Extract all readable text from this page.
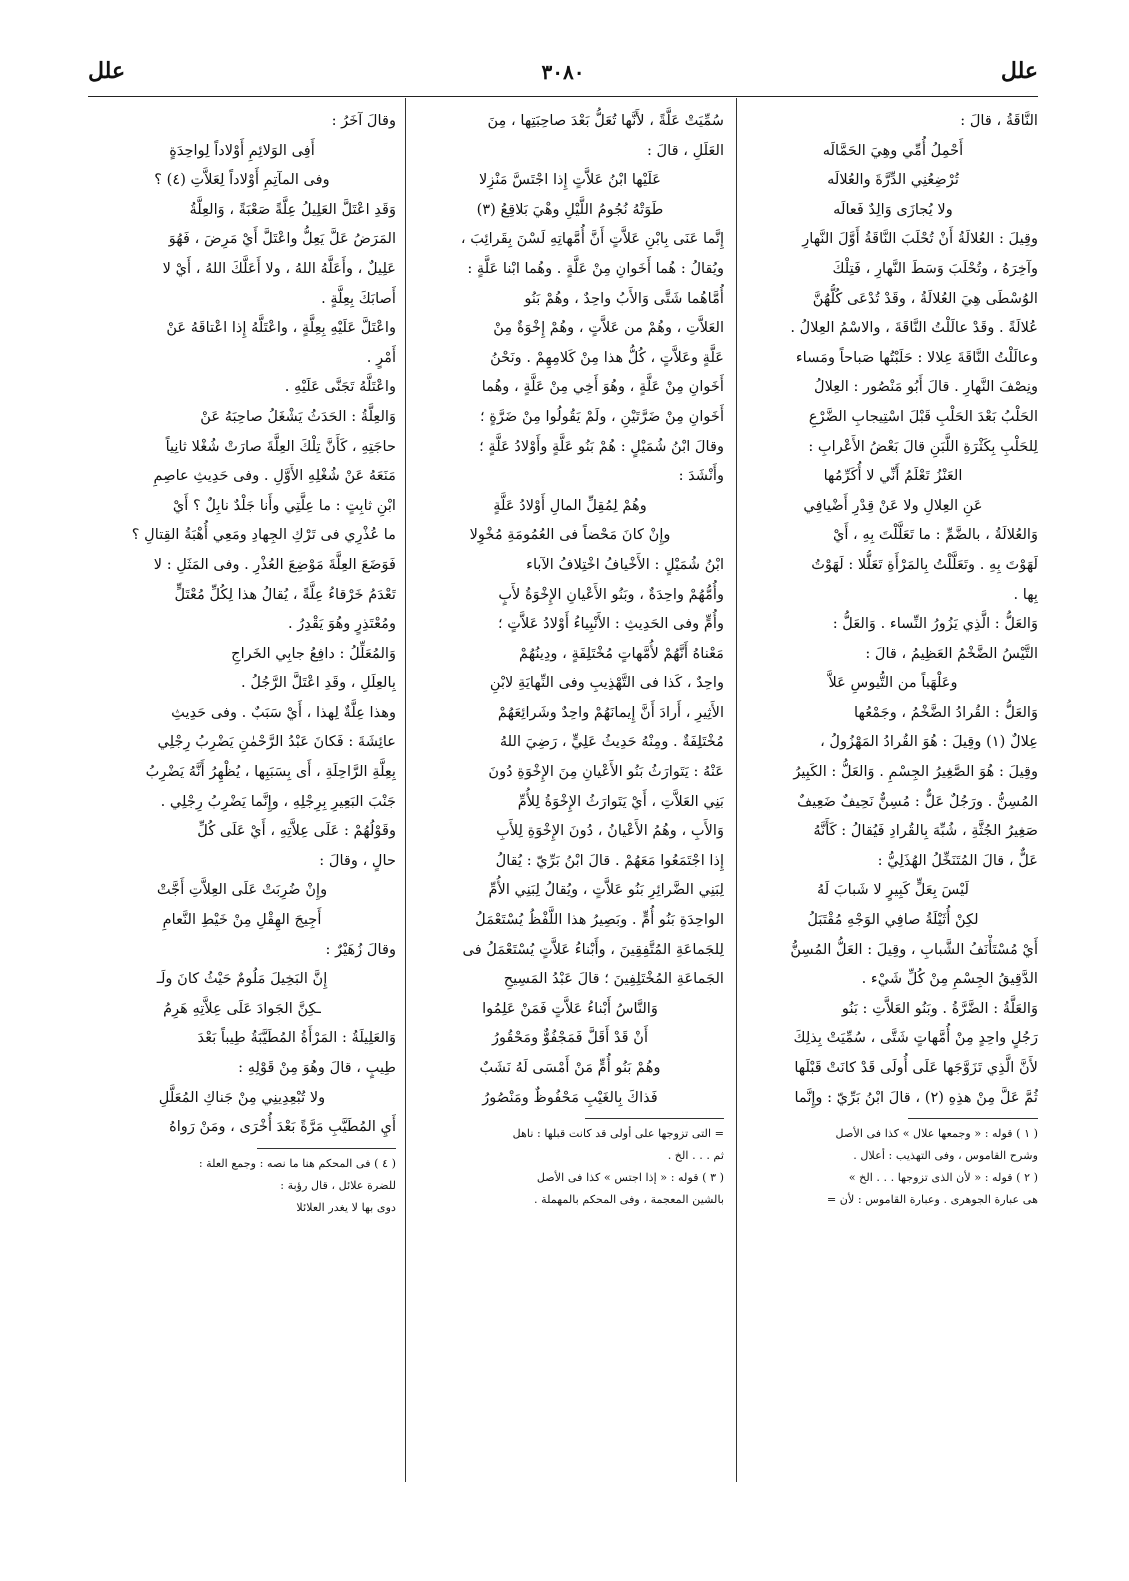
علل
٣٠٨٠
علل
النَّاقَةُ ، قالَ :
أَحْمِلُ أُمِّي وهِيَ الحَمَّالَه
تُرْضِعُنِي الدِّرَّةَ والعُلالَه
ولا يُجازَى وَالِدٌ فَعالَه
وقِيلَ : العُلالَةُ أَنْ تُحْلَبَ النَّاقَةُ أَوَّلَ النَّهارِ
وآخِرَهُ ، وتُحْلَبَ وَسَطَ النَّهارِ ، فَتِلْكَ
الوُسْطَى هِيَ العُلالَةُ ، وقَدْ تُدْعَى كُلُّهُنَّ
عُلالَةً . وقَدْ عالَلْتُ النَّاقَةَ ، والاسْمُ العِلالُ .
وعالَلْتُ النَّاقَةَ عِلالا : حَلَبْتُها صَباحاً ومَساء
ونِصْفَ النَّهارِ . قالَ أَبُو مَنْصُور : العِلالُ
الحَلْبُ بَعْدَ الحَلْبِ قَبْلَ اسْتِيجابِ الضَّرْعِ
لِلحَلْبِ بِكَثْرَةِ اللَّبَنِ قالَ بَعْضُ الأَعْرابِ :
العَنْزُ تَعْلَمُ أَنِّي لا أُكَرِّمُها
عَنِ العِلالِ ولا عَنْ قِدْرِ أَضْيافِي
وَالعُلالَةُ ، بالضَّمِّ : ما تَعَلَّلْتَ بِهِ ، أَيْ
لَهَوْتَ بِهِ . وتَعَلَّلْتُ بِالمَرْأَةِ تَعَلُّلا : لَهَوْتُ
بِها .
وَالعَلُّ : الَّذِي يَزُورُ النِّساء . وَالعَلُّ :
التَّيْسُ الضَّخْمُ العَظِيمُ ، قالَ :
وعَلْهَباً من التُّيوسِ عَلاَّ
وَالعَلُّ : القُرادُ الضَّخْمُ ، وجَمْعُها
عِلالٌ (١) وقِيلَ : هُوَ القُرادُ المَهْزُولُ ،
وقِيلَ : هُوَ الصَّغِيرُ الجِسْمِ . وَالعَلُّ : الكَبِيرُ
المُسِنُّ . ورَجُلٌ عَلٌّ : مُسِنٌّ نَحِيفٌ ضَعِيفٌ
صَغِيرُ الجُثَّةِ ، شُبِّهَ بِالقُرادِ فَيُقالُ : كَأَنَّهُ
عَلٌّ ، قالَ المُتَنَخِّلُ الهُذَلِيُّ :
لَيْسَ بِعَلٍّ كَبِيرٍ لا شَبابَ لَهُ
لكِنْ أُثَيْلَةُ صافِي الوَجْهِ مُقْتَبَلُ
أَيْ مُسْتَأْنَفُ الشَّبابِ ، وقِيلَ : العَلُّ المُسِنُّ
الدَّقِيقُ الجِسْمِ مِنْ كُلِّ شَيْء .
وَالعَلَّةُ : الضَّرَّةُ . وبَنُو العَلاَّتِ : بَنُو
رَجُلٍ واحِدٍ مِنْ أُمَّهاتٍ شَتَّى ، سُمِّيَتْ بِذلِكَ
لأَنَّ الَّذِي تَزَوَّجَها عَلَى أُولَى قَدْ كانَتْ قَبْلَها
ثُمَّ عَلَّ مِنْ هذِهِ (٢) ، قالَ ابْنُ بَرِّيّ : وإِنَّما
( ١ ) قوله : « وجمعها علال » كذا فى الأصل
وشرح القاموس ، وفى التهذيب : أعلال .
( ٢ ) قوله : « لأن الذى تزوجها . . . الخ »
هى عبارة الجوهرى . وعبارة القاموس : لأن =
سُمِّيَتْ عَلَّةً ، لأَنَّها تُعَلُّ بَعْدَ صاحِبَتِها ، مِنَ
العَلَلِ ، قالَ :
عَلَيْها ابْنُ عَلاَّتٍ إِذا اجْتَسَّ مَنْزِلا
طَوَتْهُ نُجُومُ اللَّيْلِ وهْيَ بَلاقِعُ (٣)
إِنَّما عَنَى بِابْنِ عَلاَّتٍ أَنَّ أُمَّهاتِهِ لَسْنَ بِقَرائِبَ ،
ويُقالُ : هُما أَخَوانِ مِنْ عَلَّةٍ . وهُما ابْنا عَلَّةٍ :
أُمَّاهُما شَتَّى وَالأَبُ واحِدٌ ، وهُمْ بَنُو
العَلاَّتِ ، وهُمْ من عَلاَّتٍ ، وهُمْ إِخْوَةٌ مِنْ
عَلَّةٍ وعَلاَّتٍ ، كُلُّ هذا مِنْ كَلامِهِمْ . ونَحْنُ
أَخَوانِ مِنْ عَلَّةٍ ، وهُوَ أَخِي مِنْ عَلَّةٍ ، وهُما
أَخَوانِ مِنْ ضَرَّتَيْنِ ، ولَمْ يَقُولُوا مِنْ ضَرَّةٍ ؛
وقالَ ابْنُ شُمَيْلٍ : هُمْ بَنُو عَلَّةٍ وأَوْلادُ عَلَّةٍ ؛
وأَنْشَدَ :
وهُمْ لِمُقِلِّ المالِ أَوْلادُ عَلَّةٍ
وإِنْ كانَ مَحْضاً فى العُمُومَةِ مُخْوِلا
ابْنُ شُمَيْلٍ : الأَخْيافُ اخْتِلافُ الآباء
وأُمُّهُمْ واحِدَةٌ ، وبَنُو الأَعْيانِ الإِخْوَةُ لأَبٍ
وأُمٍّ وفى الحَدِيثِ : الأَنْبِياءُ أَوْلادُ عَلاَّتٍ ؛
مَعْناهُ أَنَّهُمْ لأُمَّهاتٍ مُخْتَلِفَةٍ ، ودِينُهُمْ
واحِدٌ ، كَذا فى التَّهْذِيبِ وفى النِّهايَةِ لابْنِ
الأَثِيرِ ، أَرادَ أَنَّ إِيمانَهُمْ واحِدٌ وشَرائِعَهُمْ
مُخْتَلِفَةٌ . ومِنْهُ حَدِيثُ عَلِيٍّ ، رَضِيَ اللهُ
عَنْهُ : يَتَوارَثُ بَنُو الأَعْيانِ مِنَ الإِخْوَةِ دُونَ
بَنِي العَلاَّتِ ، أَيْ يَتَوارَثُ الإِخْوَةُ لِلأُمِّ
وَالأَبِ ، وهُمُ الأَعْيانُ ، دُونَ الإِخْوَةِ لِلأَبِ
إِذا اجْتَمَعُوا مَعَهُمْ . قالَ ابْنُ بَرِّيّ : يُقالُ
لِبَنِي الضَّرائِرِ بَنُو عَلاَّتٍ ، ويُقالُ لِبَنِي الأُمِّ
الواحِدَةِ بَنُو أُمٍّ . وبَصِيرُ هذا اللَّفْظُ يُسْتَعْمَلُ
لِلجَماعَةِ المُتَّفِقِينَ ، وأَبْناءُ عَلاَّتٍ يُسْتَعْمَلُ فى
الجَماعَةِ المُخْتَلِفِينَ ؛ قالَ عَبْدُ المَسِيحِ
وَالنَّاسُ أَبْناءُ عَلاَّتٍ فَمَنْ عَلِمُوا
أَنْ قَدْ أَقَلَّ فَمَجْفُوٌّ ومَحْقُورُ
وهُمْ بَنُو أُمٍّ مَنْ أَمْسَى لَهُ نَشَبٌ
فَذاكَ بِالغَيْبِ مَحْفُوظٌ ومَنْصُورُ
= التى تزوجها على أولى قد كانت قبلها : ناهل
ثم . . . الخ .
( ٣ ) قوله : « إذا اجتس » كذا فى الأصل
بالشين المعجمة ، وفى المحكم بالمهملة .
وقالَ آخَرُ :
أَفِى الوَلائِمِ أَوْلاداً لِواحِدَةٍ
وفى المآتِمِ أَوْلاداً لِعَلاَّتِ (٤) ؟
وَقَدِ اعْتَلَّ العَلِيلُ عِلَّةً صَعْبَةً ، وَالعِلَّةُ
المَرَضُ عَلَّ يَعِلُّ واعْتَلَّ أَيْ مَرِضَ ، فَهُوَ
عَلِيلٌ ، وأَعَلَّهُ اللهُ ، ولا أَعَلَّكَ اللهُ ، أَيْ لا
أَصابَكَ بِعِلَّةٍ .
واعْتَلَّ عَلَيْهِ بِعِلَّةٍ ، واعْتَلَّهُ إِذا اعْتاقَهُ عَنْ
أَمْرٍ .
واعْتَلَّهُ تَجَنَّى عَلَيْهِ .
وَالعِلَّةُ : الحَدَثُ يَشْغَلُ صاحِبَهُ عَنْ
حاجَتِهِ ، كَأَنَّ تِلْكَ العِلَّةَ صارَتْ شُغْلا ثانِياً
مَنَعَهُ عَنْ شُغْلِهِ الأَوَّلِ . وفى حَدِيثِ عاصِمِ
ابْنِ ثابِتٍ : ما عِلَّتِي وأَنا جَلْدٌ نابِلٌ ؟ أَيْ
ما عُذْرِي فى تَرْكِ الجِهادِ ومَعِي أُهْبَةُ القِتالِ ؟
فَوَضَعَ العِلَّةَ مَوْضِعَ العُذْرِ . وفى المَثَلِ : لا
تَعْدَمُ خَرْقاءُ عِلَّةً ، يُقالُ هذا لِكُلِّ مُعْتَلٍّ
ومُعْتَذِرٍ وهُوَ يَقْدِرُ .
وَالمُعَلِّلُ : دافِعُ جابِي الخَراجِ
بِالعِلَلِ ، وقَدِ اعْتَلَّ الرَّجُلُ .
وهذا عِلَّةٌ لِهذا ، أَيْ سَبَبٌ . وفى حَدِيثِ
عائِشَةَ : فَكانَ عَبْدُ الرَّحْمٰنِ يَضْرِبُ رِجْلِي
بِعِلَّةِ الرَّاحِلَةِ ، أَى بِسَبَبِها ، يُظْهِرُ أَنَّهُ يَضْرِبُ
جَنْبَ البَعِيرِ بِرِجْلِهِ ، وإِنَّما يَضْرِبُ رِجْلِي .
وقَوْلُهُمْ : عَلَى عِلاَّتِهِ ، أَيْ عَلَى كُلِّ
حالٍ ، وقالَ :
وإِنْ ضُرِبَتْ عَلَى العِلاَّتِ أَجَّتْ
أَجِيجَ الهِقْلِ مِنْ خَيْطِ النَّعامِ
وقالَ زُهَيْرٌ :
إِنَّ البَخِيلَ مَلُومٌ حَيْثُ كانَ ولَـ
ـكِنَّ الجَوادَ عَلَى عِلاَّتِهِ هَرِمُ
وَالعَلِيلَةُ : المَرْأَةُ المُطَيَّبَةُ طِيباً بَعْدَ
طِيبٍ ، قالَ وهُوَ مِنْ قَوْلِهِ :
ولا تُبْعِدِينِي مِنْ جَناكِ المُعَلَّلِ
أَيِ المُطَيَّبِ مَرَّةً بَعْدَ أُخْرَى ، ومَنْ رَواهُ
( ٤ ) فى المحكم هنا ما نصه : وجمع العلة :
للضرة علائل ، قال رؤبة :
دوى بها لا يغدر العلائلا
